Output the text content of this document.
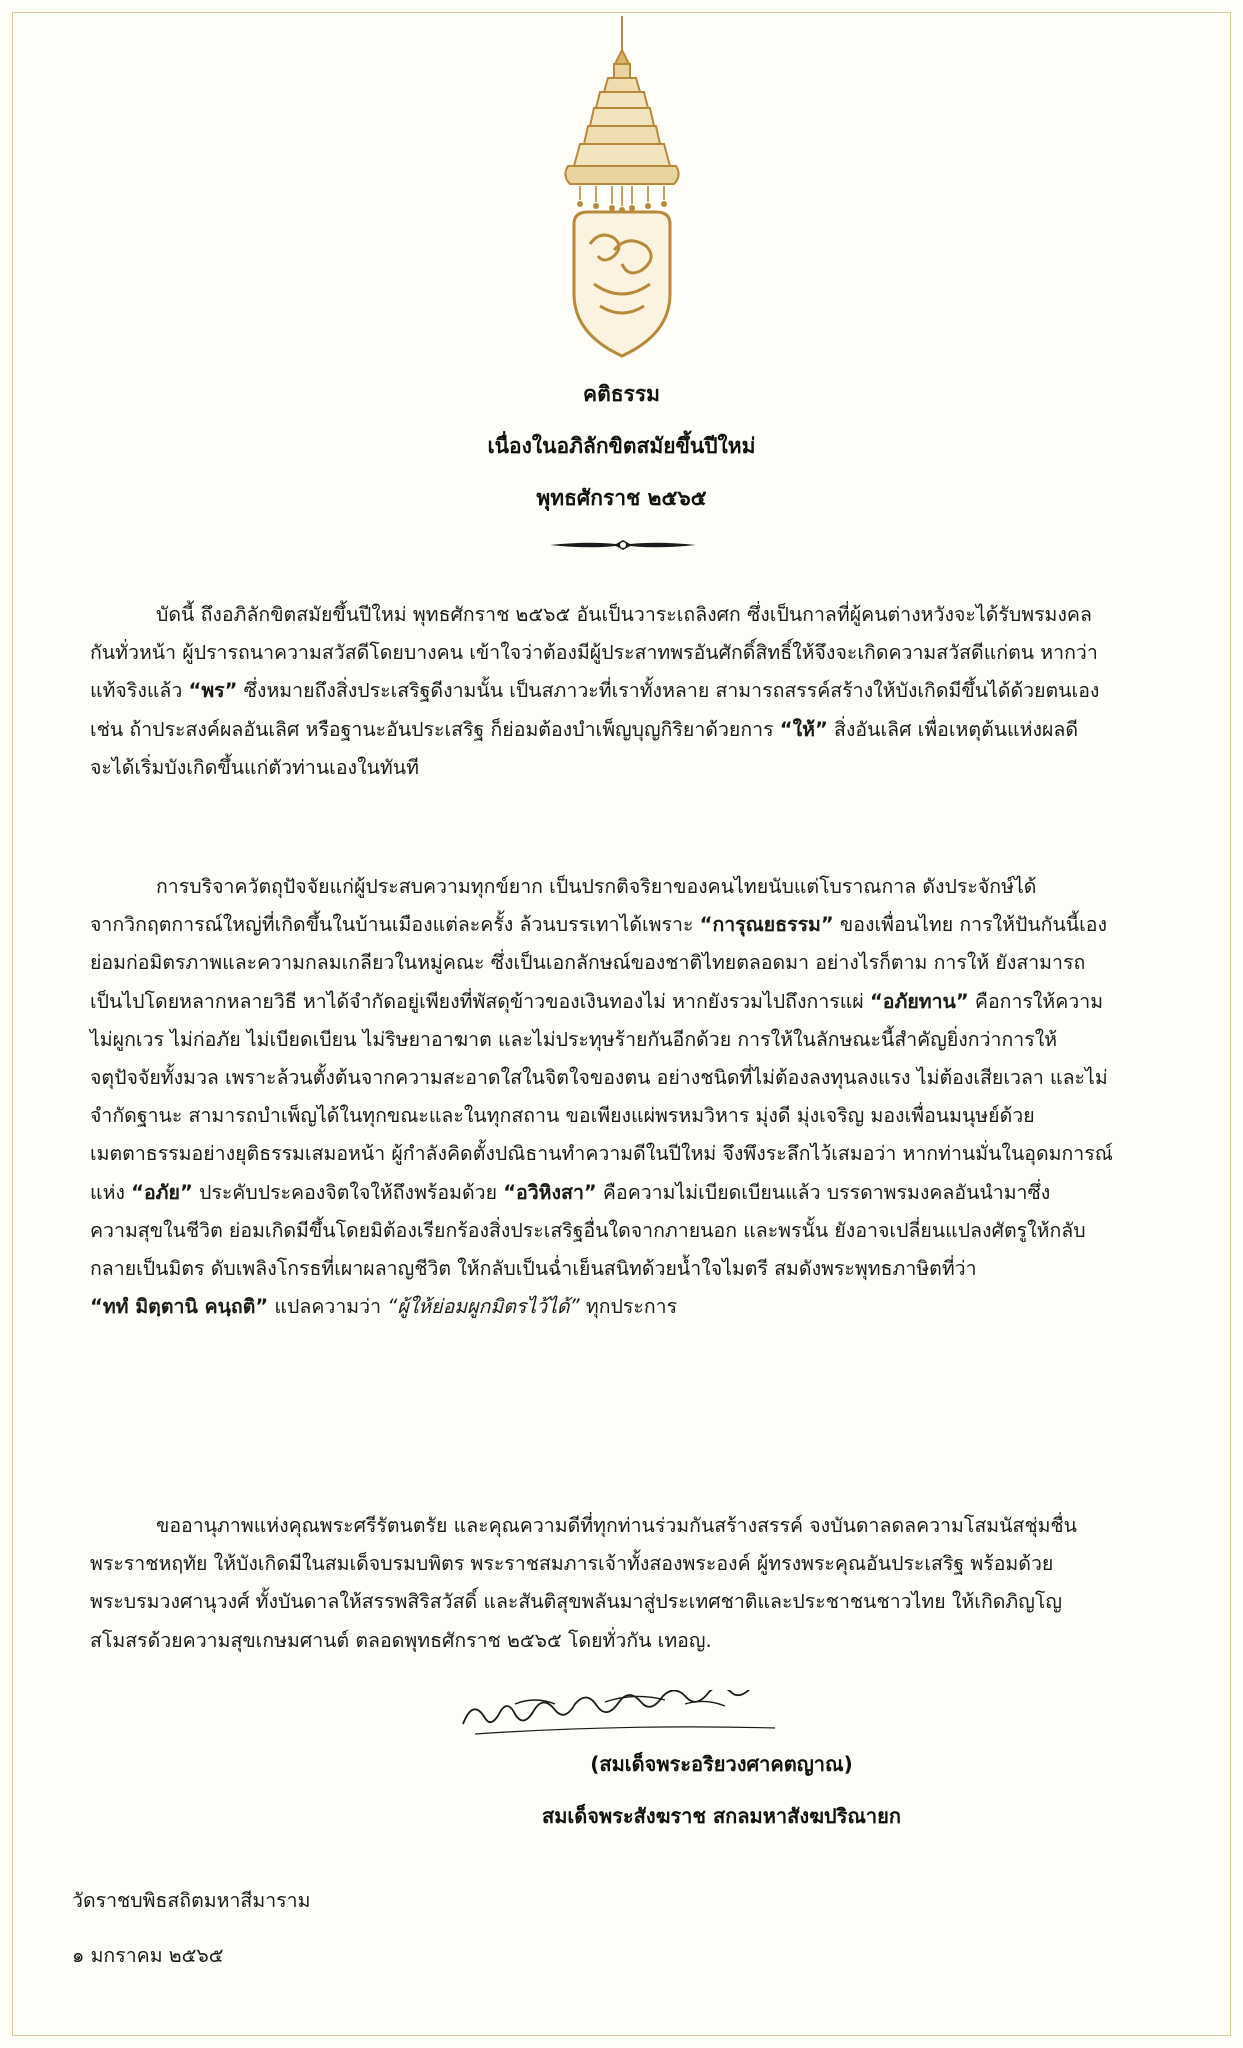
คติธรรม
เนื่องในอภิลักขิตสมัยขึ้นปีใหม่
พุทธศักราช ๒๕๖๕
บัดนี้ ถึงอภิลักขิตสมัยขึ้นปีใหม่ พุทธศักราช ๒๕๖๕ อันเป็นวาระเถลิงศก ซึ่งเป็นกาลที่ผู้คนต่างหวังจะได้รับพรมงคล
กันทั่วหน้า ผู้ปรารถนาความสวัสดีโดยบางคน เข้าใจว่าต้องมีผู้ประสาทพรอันศักดิ์สิทธิ์ให้จึงจะเกิดความสวัสดีแก่ตน หากว่า
แท้จริงแล้ว “พร” ซึ่งหมายถึงสิ่งประเสริฐดีงามนั้น เป็นสภาวะที่เราทั้งหลาย สามารถสรรค์สร้างให้บังเกิดมีขึ้นได้ด้วยตนเอง
เช่น ถ้าประสงค์ผลอันเลิศ หรือฐานะอันประเสริฐ ก็ย่อมต้องบำเพ็ญบุญกิริยาด้วยการ “ให้” สิ่งอันเลิศ เพื่อเหตุต้นแห่งผลดี
จะได้เริ่มบังเกิดขึ้นแก่ตัวท่านเองในทันที
การบริจาควัตถุปัจจัยแก่ผู้ประสบความทุกข์ยาก เป็นปรกติจริยาของคนไทยนับแต่โบราณกาล ดังประจักษ์ได้
จากวิกฤตการณ์ใหญ่ที่เกิดขึ้นในบ้านเมืองแต่ละครั้ง ล้วนบรรเทาได้เพราะ “การุณยธรรม” ของเพื่อนไทย การให้ปันกันนี้เอง
ย่อมก่อมิตรภาพและความกลมเกลียวในหมู่คณะ ซึ่งเป็นเอกลักษณ์ของชาติไทยตลอดมา อย่างไรก็ตาม การให้ ยังสามารถ
เป็นไปโดยหลากหลายวิธี หาได้จำกัดอยู่เพียงที่พัสดุข้าวของเงินทองไม่ หากยังรวมไปถึงการแผ่ “อภัยทาน” คือการให้ความ
ไม่ผูกเวร ไม่ก่อภัย ไม่เบียดเบียน ไม่ริษยาอาฆาต และไม่ประทุษร้ายกันอีกด้วย การให้ในลักษณะนี้สำคัญยิ่งกว่าการให้
จตุปัจจัยทั้งมวล เพราะล้วนตั้งต้นจากความสะอาดใสในจิตใจของตน อย่างชนิดที่ไม่ต้องลงทุนลงแรง ไม่ต้องเสียเวลา และไม่
จำกัดฐานะ สามารถบำเพ็ญได้ในทุกขณะและในทุกสถาน ขอเพียงแผ่พรหมวิหาร มุ่งดี มุ่งเจริญ มองเพื่อนมนุษย์ด้วย
เมตตาธรรมอย่างยุติธรรมเสมอหน้า ผู้กำลังคิดตั้งปณิธานทำความดีในปีใหม่ จึงพึงระลึกไว้เสมอว่า หากท่านมั่นในอุดมการณ์
แห่ง “อภัย” ประคับประคองจิตใจให้ถึงพร้อมด้วย “อวิหิงสา” คือความไม่เบียดเบียนแล้ว บรรดาพรมงคลอันนำมาซึ่ง
ความสุขในชีวิต ย่อมเกิดมีขึ้นโดยมิต้องเรียกร้องสิ่งประเสริฐอื่นใดจากภายนอก และพรนั้น ยังอาจเปลี่ยนแปลงศัตรูให้กลับ
กลายเป็นมิตร ดับเพลิงโกรธที่เผาผลาญชีวิต ให้กลับเป็นฉ่ำเย็นสนิทด้วยน้ำใจไมตรี สมดังพระพุทธภาษิตที่ว่า
“ททํ มิตฺตานิ คนฺถติ” แปลความว่า “ผู้ให้ย่อมผูกมิตรไว้ได้” ทุกประการ
ขออานุภาพแห่งคุณพระศรีรัตนตรัย และคุณความดีที่ทุกท่านร่วมกันสร้างสรรค์ จงบันดาลดลความโสมนัสชุ่มชื่น
พระราชหฤทัย ให้บังเกิดมีในสมเด็จบรมบพิตร พระราชสมภารเจ้าทั้งสองพระองค์ ผู้ทรงพระคุณอันประเสริฐ พร้อมด้วย
พระบรมวงศานุวงศ์ ทั้งบันดาลให้สรรพสิริสวัสดิ์ และสันติสุขพลันมาสู่ประเทศชาติและประชาชนชาวไทย ให้เกิดภิญโญ
สโมสรด้วยความสุขเกษมศานต์ ตลอดพุทธศักราช ๒๕๖๕ โดยทั่วกัน เทอญ.
(สมเด็จพระอริยวงศาคตญาณ)
สมเด็จพระสังฆราช สกลมหาสังฆปริณายก
วัดราชบพิธสถิตมหาสีมาราม
๑ มกราคม ๒๕๖๕
